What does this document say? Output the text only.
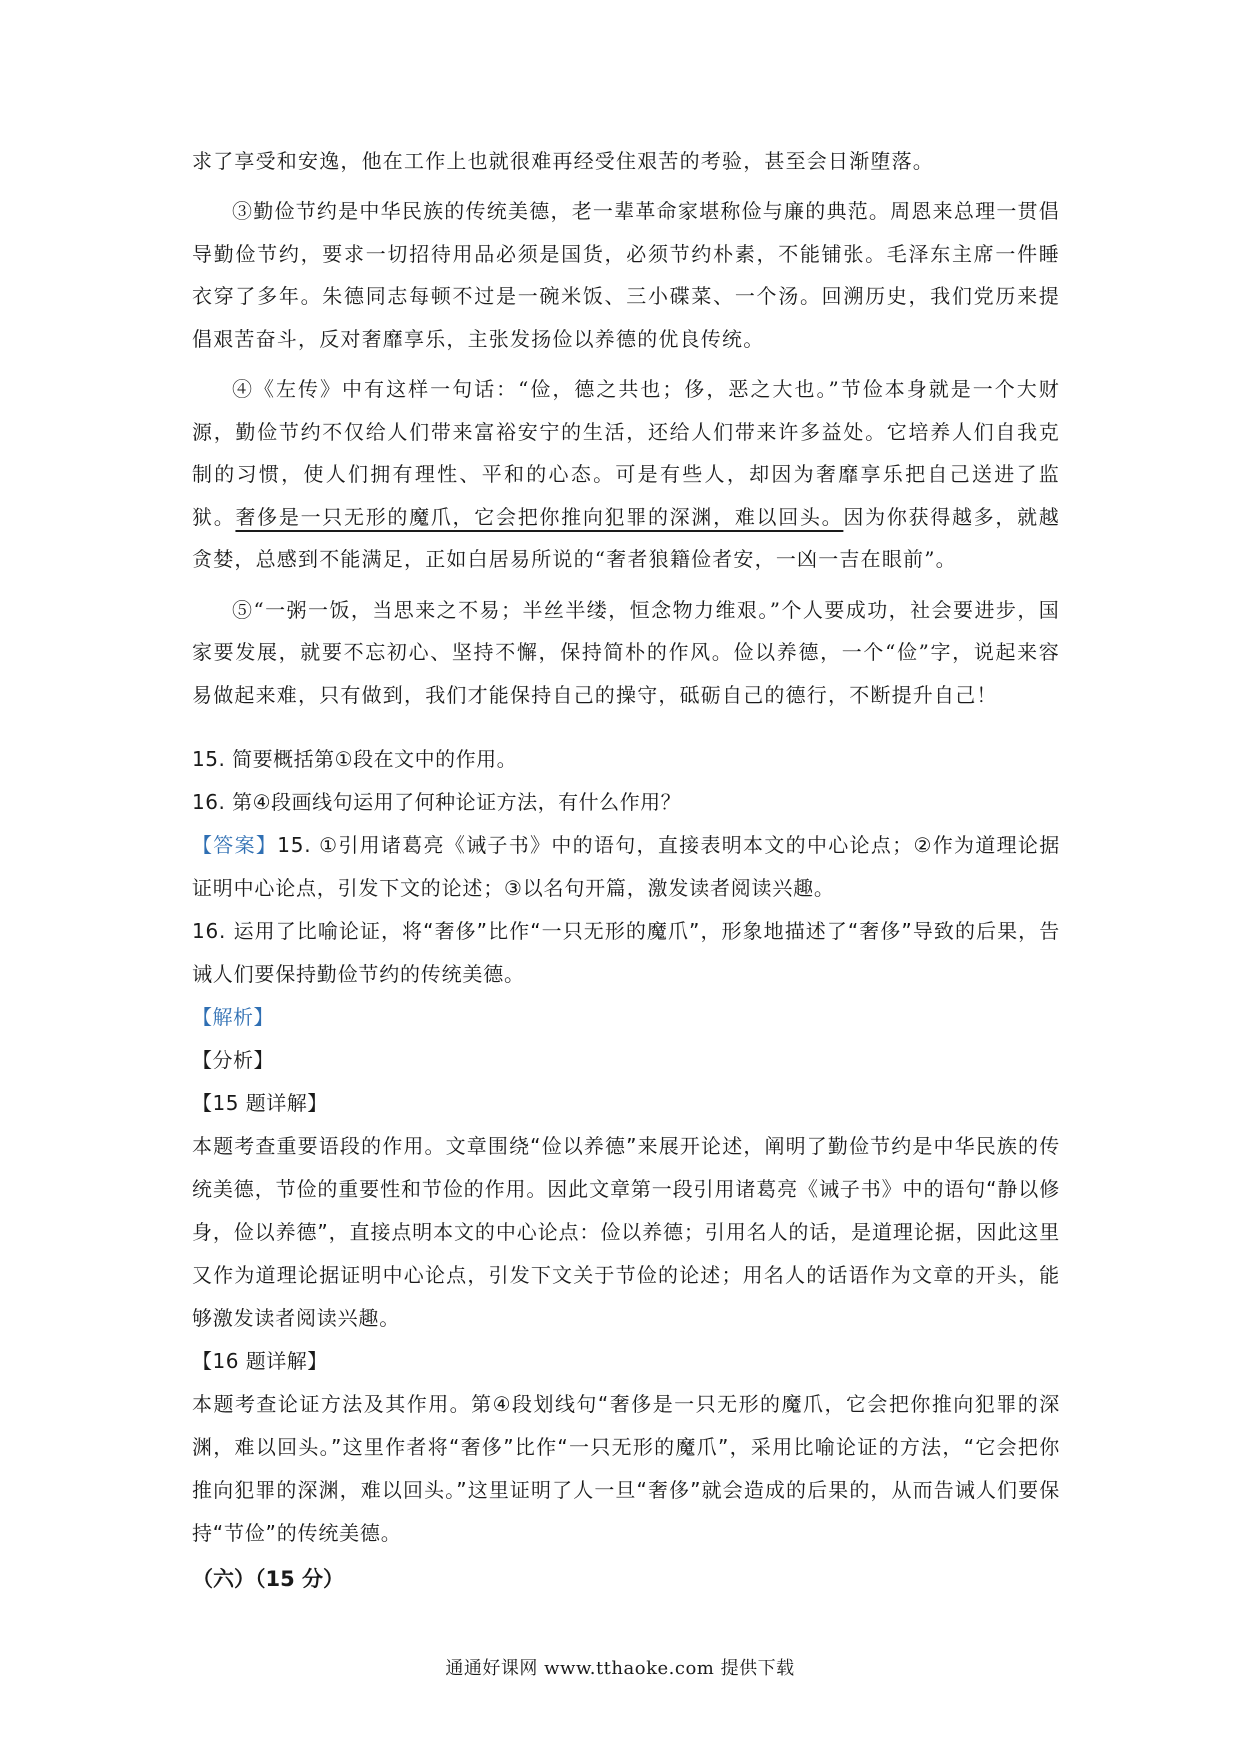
求了享受和安逸，他在工作上也就很难再经受住艰苦的考验，甚至会日渐堕落。

③勤俭节约是中华民族的传统美德，老一辈革命家堪称俭与廉的典范。周恩来总理一贯倡导勤俭节约，要求一切招待用品必须是国货，必须节约朴素，不能铺张。毛泽东主席一件睡衣穿了多年。朱德同志每顿不过是一碗米饭、三小碟菜、一个汤。回溯历史，我们党历来提倡艰苦奋斗，反对奢靡享乐，主张发扬俭以养德的优良传统。

④《左传》中有这样一句话：“俭，德之共也；侈，恶之大也。”节俭本身就是一个大财源，勤俭节约不仅给人们带来富裕安宁的生活，还给人们带来许多益处。它培养人们自我克制的习惯，使人们拥有理性、平和的心态。可是有些人，却因为奢靡享乐把自己送进了监狱。奢侈是一只无形的魔爪，它会把你推向犯罪的深渊，难以回头。因为你获得越多，就越贪婪，总感到不能满足，正如白居易所说的“奢者狼籍俭者安，一凶一吉在眼前”。

⑤“一粥一饭，当思来之不易；半丝半缕，恒念物力维艰。”个人要成功，社会要进步，国家要发展，就要不忘初心、坚持不懈，保持简朴的作风。俭以养德，一个“俭”字，说起来容易做起来难，只有做到，我们才能保持自己的操守，砥砺自己的德行，不断提升自己！

15. 简要概括第①段在文中的作用。
16. 第④段画线句运用了何种论证方法，有什么作用？

【答案】15. ①引用诸葛亮《诫子书》中的语句，直接表明本文的中心论点；②作为道理论据证明中心论点，引发下文的论述；③以名句开篇，激发读者阅读兴趣。

16. 运用了比喻论证，将“奢侈”比作“一只无形的魔爪”，形象地描述了“奢侈”导致的后果，告诫人们要保持勤俭节约的传统美德。

【解析】
【分析】
【15 题详解】

本题考查重要语段的作用。文章围绕“俭以养德”来展开论述，阐明了勤俭节约是中华民族的传统美德，节俭的重要性和节俭的作用。因此文章第一段引用诸葛亮《诫子书》中的语句“静以修身，俭以养德”，直接点明本文的中心论点：俭以养德；引用名人的话，是道理论据，因此这里又作为道理论据证明中心论点，引发下文关于节俭的论述；用名人的话语作为文章的开头，能够激发读者阅读兴趣。

【16 题详解】

本题考查论证方法及其作用。第④段划线句“奢侈是一只无形的魔爪，它会把你推向犯罪的深渊，难以回头。”这里作者将“奢侈”比作“一只无形的魔爪”，采用比喻论证的方法，“它会把你推向犯罪的深渊，难以回头。”这里证明了人一旦“奢侈”就会造成的后果的，从而告诫人们要保持“节俭”的传统美德。

（六）（15 分）
通通好课网 www.tthaoke.com 提供下载
